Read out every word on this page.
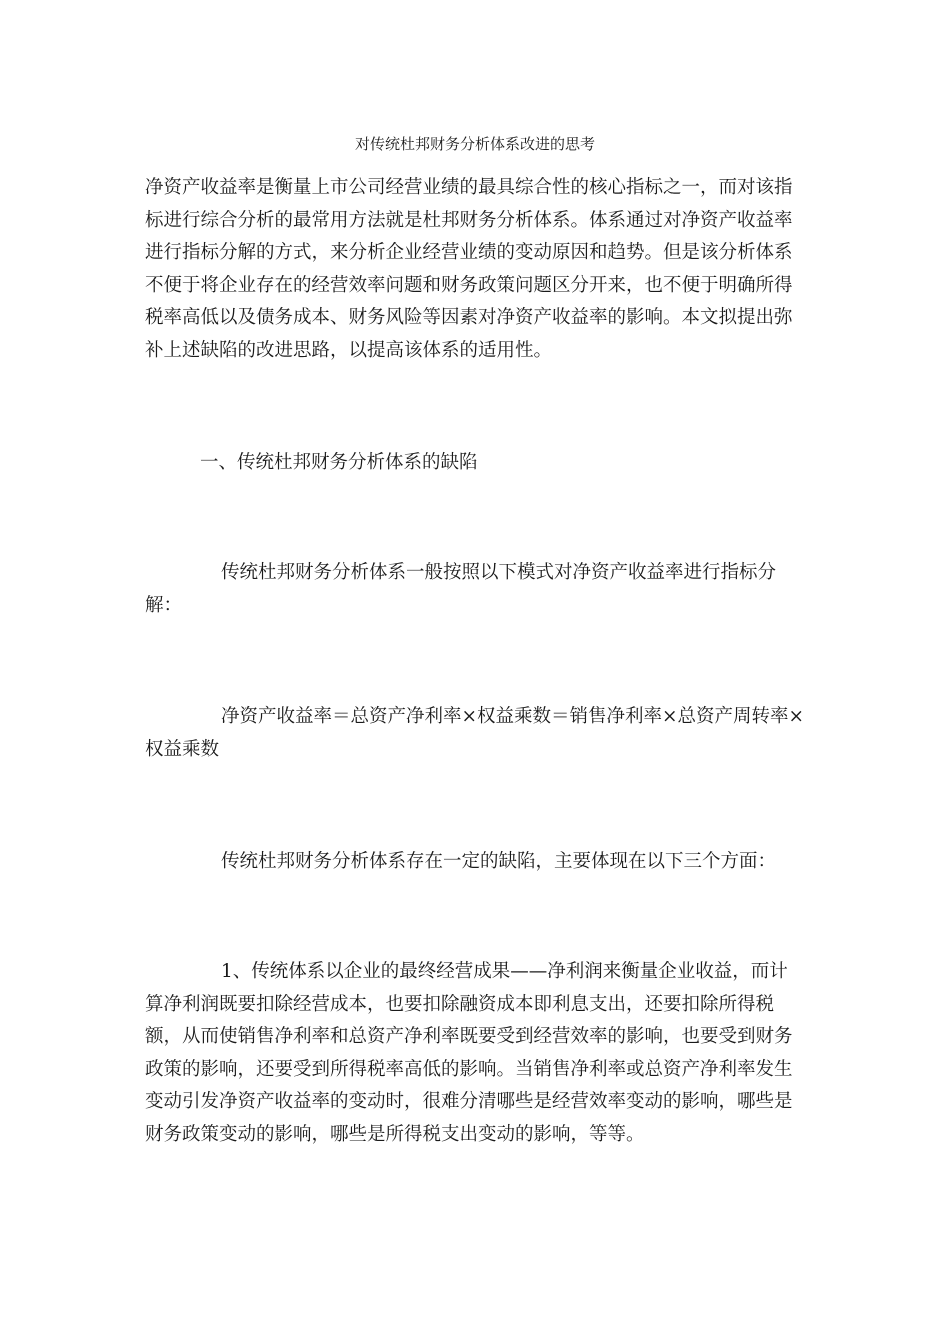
对传统杜邦财务分析体系改进的思考

净资产收益率是衡量上市公司经营业绩的最具综合性的核心指标之一，而对该指标进行综合分析的最常用方法就是杜邦财务分析体系。体系通过对净资产收益率进行指标分解的方式，来分析企业经营业绩的变动原因和趋势。但是该分析体系不便于将企业存在的经营效率问题和财务政策问题区分开来，也不便于明确所得税率高低以及债务成本、财务风险等因素对净资产收益率的影响。本文拟提出弥补上述缺陷的改进思路，以提高该体系的适用性。

一、传统杜邦财务分析体系的缺陷

传统杜邦财务分析体系一般按照以下模式对净资产收益率进行指标分解：

净资产收益率＝总资产净利率×权益乘数＝销售净利率×总资产周转率×权益乘数

传统杜邦财务分析体系存在一定的缺陷，主要体现在以下三个方面：

1、传统体系以企业的最终经营成果——净利润来衡量企业收益，而计算净利润既要扣除经营成本，也要扣除融资成本即利息支出，还要扣除所得税额，从而使销售净利率和总资产净利率既要受到经营效率的影响，也要受到财务政策的影响，还要受到所得税率高低的影响。当销售净利率或总资产净利率发生变动引发净资产收益率的变动时，很难分清哪些是经营效率变动的影响，哪些是财务政策变动的影响，哪些是所得税支出变动的影响，等等。
